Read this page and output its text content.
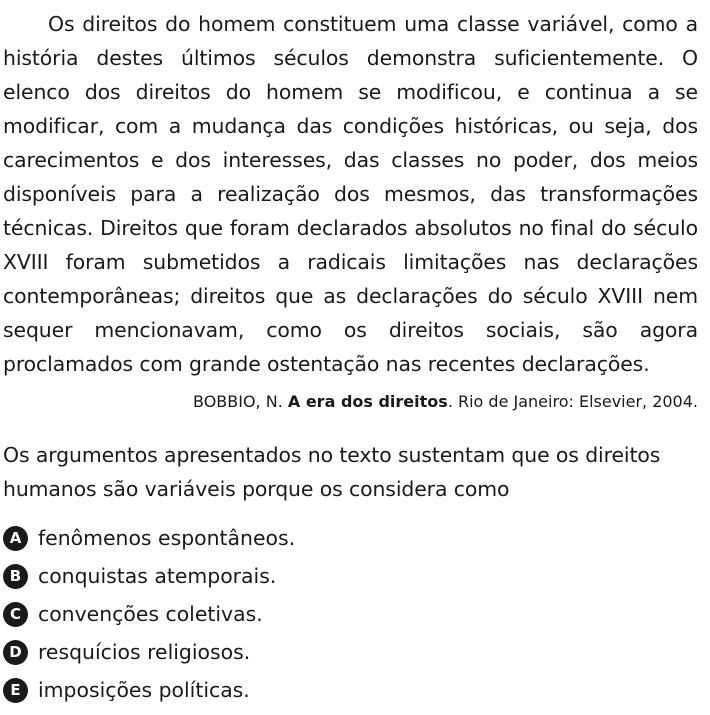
Os direitos do homem constituem uma classe variável, como a história destes últimos séculos demonstra suficientemente. O elenco dos direitos do homem se modificou, e continua a se modificar, com a mudança das condições históricas, ou seja, dos carecimentos e dos interesses, das classes no poder, dos meios disponíveis para a realização dos mesmos, das transformações técnicas. Direitos que foram declarados absolutos no final do século XVIII foram submetidos a radicais limitações nas declarações contemporâneas; direitos que as declarações do século XVIII nem sequer mencionavam, como os direitos sociais, são agora proclamados com grande ostentação nas recentes declarações.

BOBBIO, N. A era dos direitos. Rio de Janeiro: Elsevier, 2004.

Os argumentos apresentados no texto sustentam que os direitos humanos são variáveis porque os considera como

A fenômenos espontâneos.
B conquistas atemporais.
C convenções coletivas.
D resquícios religiosos.
E imposições políticas.
